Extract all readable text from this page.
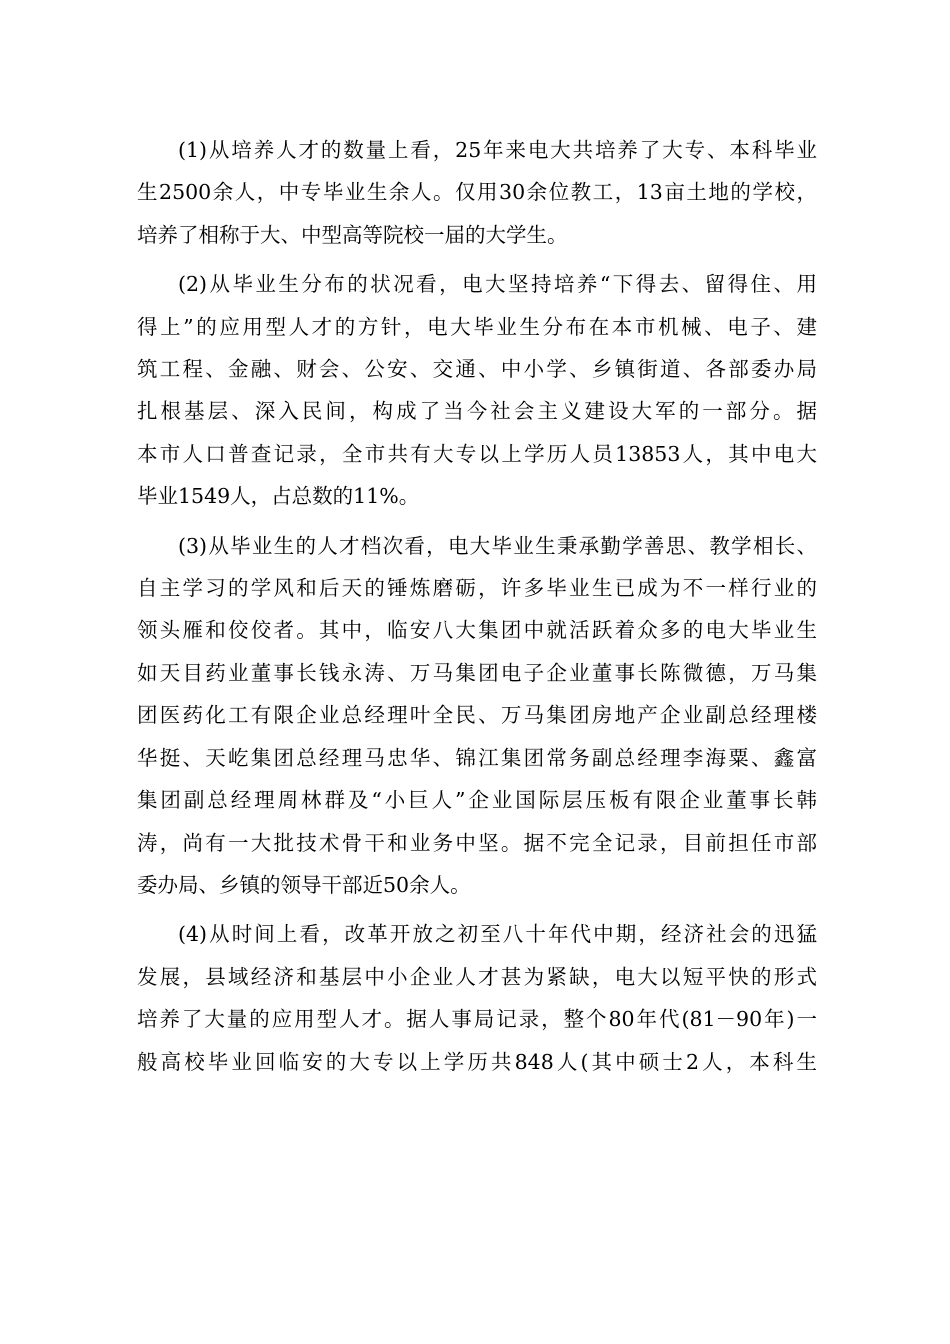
(1)从培养人才的数量上看，25年来电大共培养了大专、本科毕业
生2500余人，中专毕业生余人。仅用30余位教工，13亩土地的学校，
培养了相称于大、中型高等院校一届的大学生。
(2)从毕业生分布的状况看，电大坚持培养“下得去、留得住、用
得上”的应用型人才的方针，电大毕业生分布在本市机械、电子、建
筑工程、金融、财会、公安、交通、中小学、乡镇街道、各部委办局
扎根基层、深入民间，构成了当今社会主义建设大军的一部分。据
本市人口普查记录，全市共有大专以上学历人员13853人，其中电大
毕业1549人，占总数的11%。
(3)从毕业生的人才档次看，电大毕业生秉承勤学善思、教学相长、
自主学习的学风和后天的锤炼磨砺，许多毕业生已成为不一样行业的
领头雁和佼佼者。其中，临安八大集团中就活跃着众多的电大毕业生
如天目药业董事长钱永涛、万马集团电子企业董事长陈微德，万马集
团医药化工有限企业总经理叶全民、万马集团房地产企业副总经理楼
华挺、天屹集团总经理马忠华、锦江集团常务副总经理李海粟、鑫富
集团副总经理周林群及“小巨人”企业国际层压板有限企业董事长韩
涛，尚有一大批技术骨干和业务中坚。据不完全记录，目前担任市部
委办局、乡镇的领导干部近50余人。
(4)从时间上看，改革开放之初至八十年代中期，经济社会的迅猛
发展，县域经济和基层中小企业人才甚为紧缺，电大以短平快的形式
培养了大量的应用型人才。据人事局记录，整个80年代(81－90年)一
般高校毕业回临安的大专以上学历共848人(其中硕士2人，本科生
